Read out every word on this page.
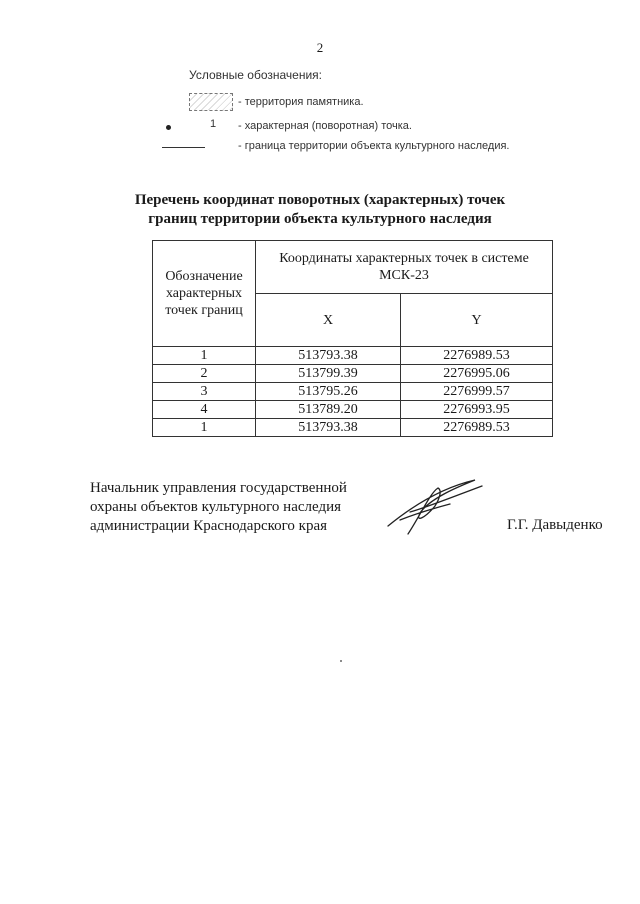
2
Условные обозначения:
- территория памятника.
1 - характерная (поворотная) точка.
- граница территории объекта культурного наследия.
Перечень координат поворотных (характерных) точек
границ территории объекта культурного наследия
Обозначение характерных точек границ	Координаты характерных точек в системе МСК-23	
	X	Y
1	513793.38	2276989.53
2	513799.39	2276995.06
3	513795.26	2276999.57
4	513789.20	2276993.95
1	513793.38	2276989.53
Начальник управления государственной
охраны объектов культурного наследия
администрации Краснодарского края	Г.Г. Давыденко
